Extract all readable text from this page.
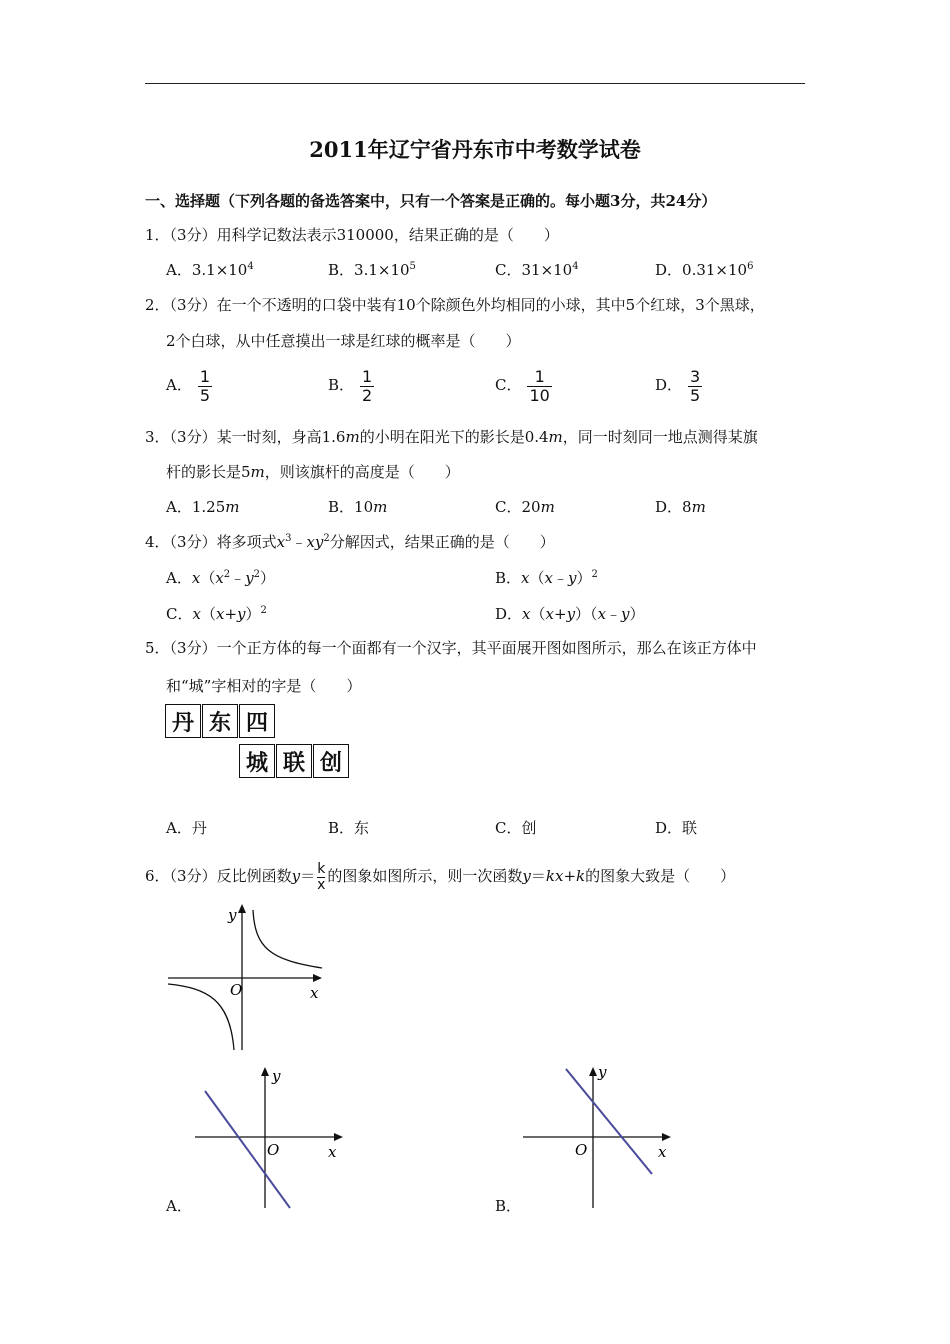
2011年辽宁省丹东市中考数学试卷
一、选择题（下列各题的备选答案中，只有一个答案是正确的。每小题3分，共24分）
1．（3分）用科学记数法表示310000，结果正确的是（　　）
A．$3.1\times 10^4$	B．$3.1\times 10^5$	C．$31\times 10^4$	D．$0.31\times 10^6$
2．（3分）在一个不透明的口袋中装有10个除颜色外均相同的小球，其中5个红球，3个黑球，
2个白球，从中任意摸出一球是红球的概率是（　　）
A． $\frac{1}{5}$	B． $\frac{1}{2}$	C． $\frac{1}{10}$	D． $\frac{3}{5}$
3．（3分）某一时刻，身高1.6m的小明在阳光下的影长是0.4m，同一时刻同一地点测得某旗
杆的影长是5m，则该旗杆的高度是（　　）
A．1.25m	B．10m	C．20m	D．8m
4．（3分）将多项式$x^3﹣xy^2$分解因式，结果正确的是（　　）
A．$x(x^2﹣y^2)$	B．x（x﹣y）$^2$
C．$x(x+y)^2$	D．x（x+y）（x﹣y）
5．（3分）一个正方体的每一个面都有一个汉字，其平面展开图如图所示，那么在该正方体中
和“城”字相对的字是（　　）
丹 东 四
城 联 创
A．丹	B．东	C．创	D．联
6．（3分）反比例函数$y= \frac{k}{x}$ 的图象如图所示，则一次函数y＝kx+k的图象大致是（　　）
y
O	x
y
O	x
A．
y
O	x
B．
